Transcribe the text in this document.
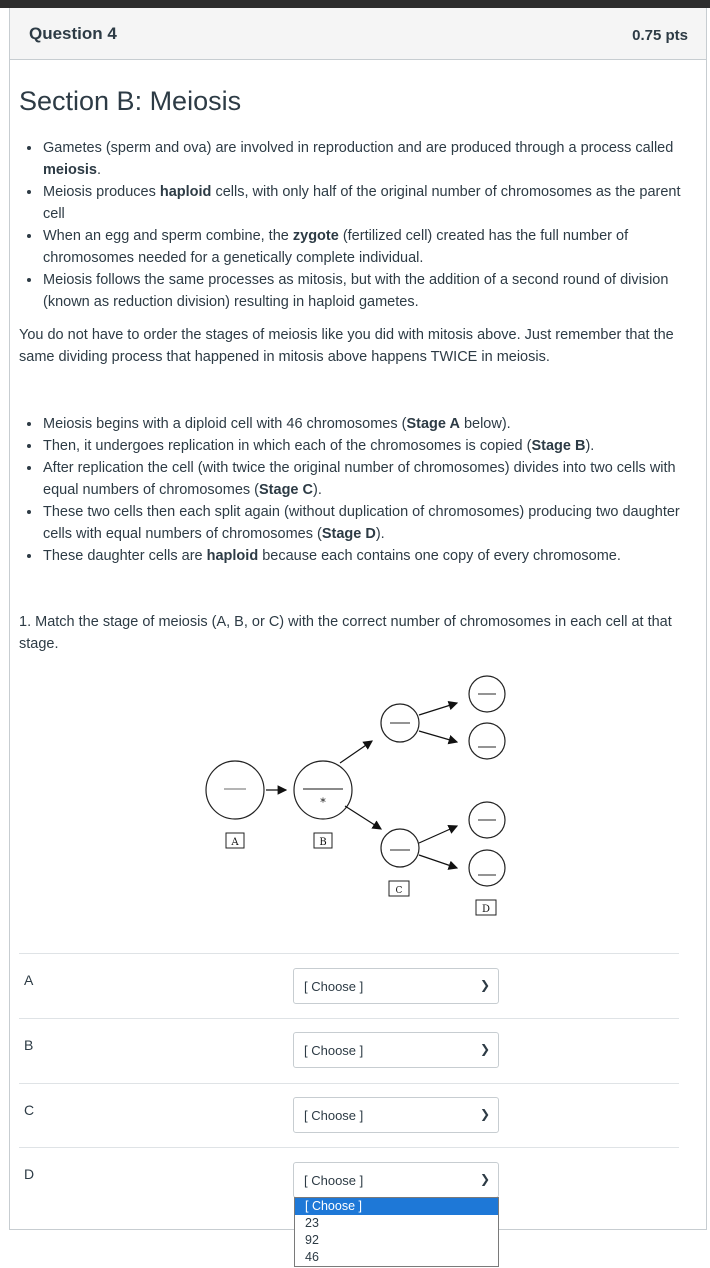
Question 4	0.75 pts
Section B: Meiosis
• Gametes (sperm and ova) are involved in reproduction and are produced through a process called meiosis.
• Meiosis produces haploid cells, with only half of the original number of chromosomes as the parent cell
• When an egg and sperm combine, the zygote (fertilized cell) created has the full number of chromosomes needed for a genetically complete individual.
• Meiosis follows the same processes as mitosis, but with the addition of a second round of division (known as reduction division) resulting in haploid gametes.

You do not have to order the stages of meiosis like you did with mitosis above. Just remember that the same dividing process that happened in mitosis above happens TWICE in meiosis.

• Meiosis begins with a diploid cell with 46 chromosomes (Stage A below).
• Then, it undergoes replication in which each of the chromosomes is copied (Stage B).
• After replication the cell (with twice the original number of chromosomes) divides into two cells with equal numbers of chromosomes (Stage C).
• These two cells then each split again (without duplication of chromosomes) producing two daughter cells with equal numbers of chromosomes (Stage D).
• These daughter cells are haploid because each contains one copy of every chromosome.

1. Match the stage of meiosis (A, B, or C) with the correct number of chromosomes in each cell at that stage.

A	B
C
D
*
A	[ Choose ]	❯
B	[ Choose ]	❯
C	[ Choose ]	❯
D	[ Choose ]	❯
[ Choose ]
23
92
46
